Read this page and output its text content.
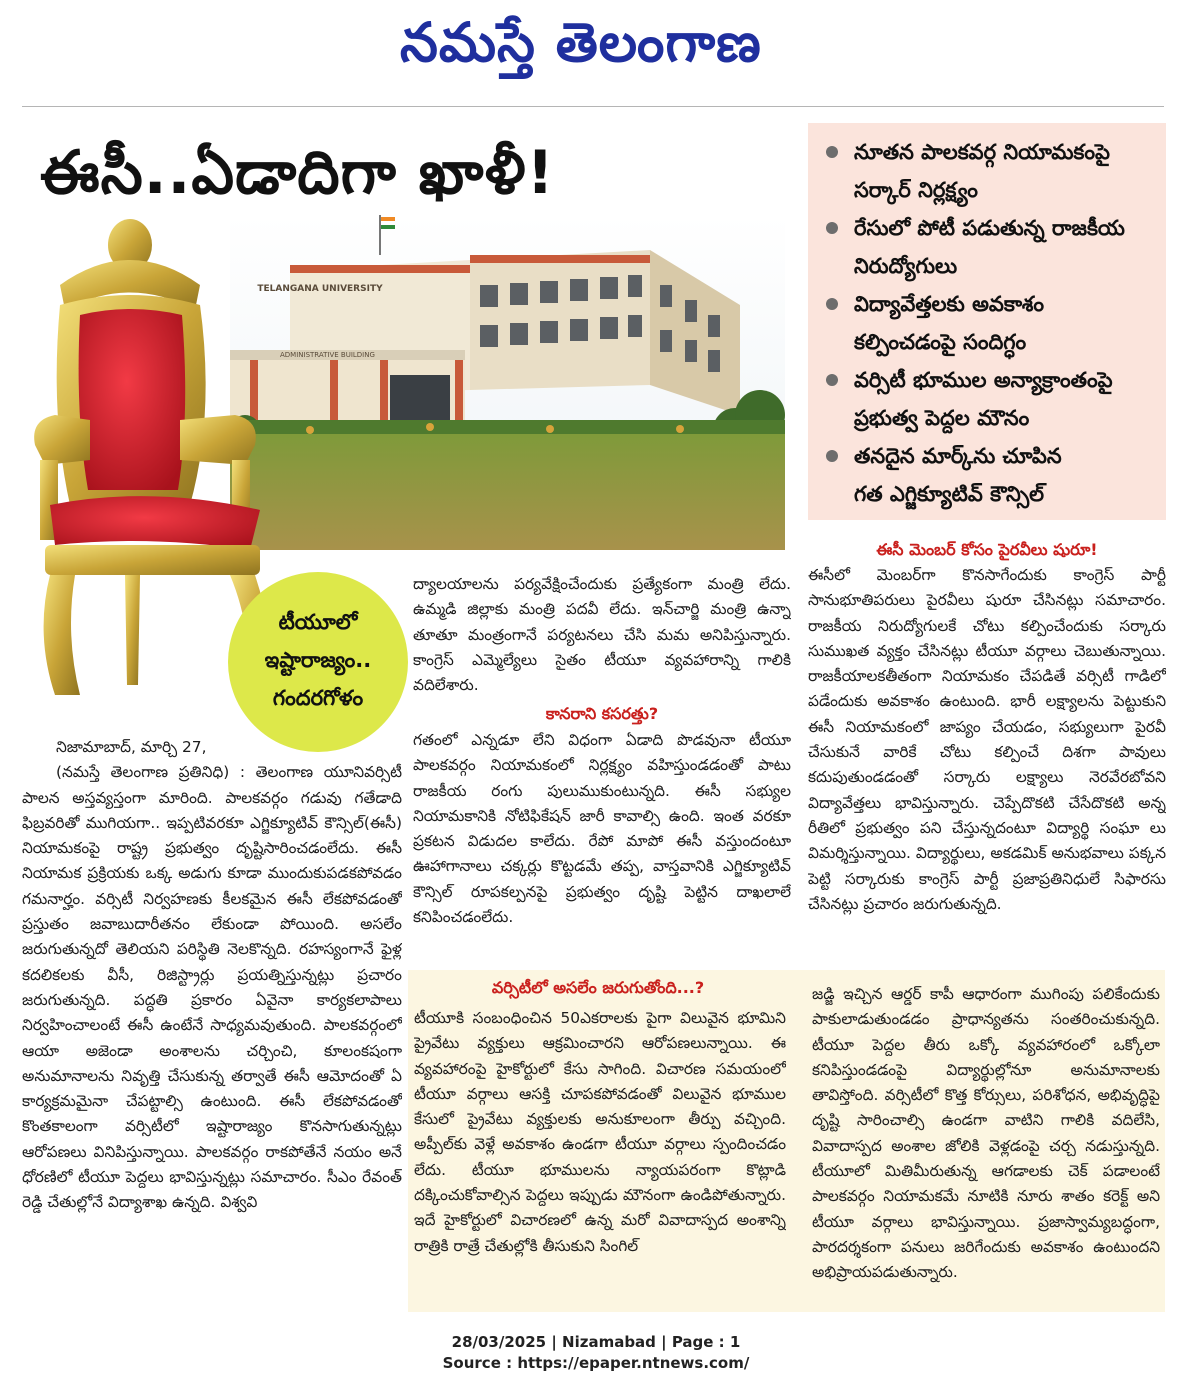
నమస్తే తెలంగాణ
ఈసీ..ఏడాదిగా ఖాళీ!
TELANGANA UNIVERSITY
ADMINISTRATIVE BUILDING
నూతన పాలకవర్గ నియామకంపై
సర్కార్ నిర్లక్ష్యం
రేసులో పోటీ పడుతున్న రాజకీయ
నిరుద్యోగులు
విద్యావేత్తలకు అవకాశం
కల్పించడంపై సందిగ్ధం
వర్సిటీ భూముల అన్యాక్రాంతంపై
ప్రభుత్వ పెద్దల మౌనం
తనదైన మార్క్‌ను చూపిన
గత ఎగ్జిక్యూటివ్ కౌన్సిల్
టీయూలో
ఇష్టారాజ్యం..
గందరగోళం

నిజామాబాద్, మార్చి 27,

(నమస్తే తెలంగాణ ప్రతినిధి) : తెలంగాణ యూనివర్సిటీ పాలన అస్తవ్యస్తంగా మారింది. పాలకవర్గం గడువు గతేడాది ఫిబ్రవరితో ముగియగా.. ఇప్పటివరకూ ఎగ్జిక్యూటివ్ కౌన్సిల్(ఈసీ) నియామకంపై రాష్ట్ర ప్రభుత్వం దృష్టిసారించడంలేదు. ఈసీ నియామక ప్రక్రియకు ఒక్క అడుగు కూడా ముందుకుపడకపోవడం గమనార్హం. వర్సిటీ నిర్వహణకు కీలకమైన ఈసీ లేకపోవడంతో ప్రస్తుతం జవాబుదారీతనం లేకుండా పోయింది. అసలేం జరుగుతున్నదో తెలియని పరిస్థితి నెలకొన్నది. రహస్యంగానే ఫైళ్ల కదలికలకు వీసీ, రిజిస్ట్రార్లు ప్రయత్నిస్తున్నట్లు ప్రచారం జరుగుతున్నది. పద్ధతి ప్రకారం ఏవైనా కార్యకలాపాలు నిర్వహించాలంటే ఈసీ ఉంటేనే సాధ్యమవుతుంది. పాలకవర్గంలో ఆయా అజెండా అంశాలను చర్చించి, కూలంకషంగా అనుమానాలను నివృత్తి చేసుకున్న తర్వాతే ఈసీ ఆమోదంతో ఏ కార్యక్రమమైనా చేపట్టాల్సి ఉంటుంది. ఈసీ లేకపోవడంతో కొంతకాలంగా వర్సిటీలో ఇష్టారాజ్యం కొనసాగుతున్నట్లు ఆరోపణలు వినిపిస్తున్నాయి. పాలకవర్గం రాకపోతేనే నయం అనే ధోరణిలో టీయూ పెద్దలు భావిస్తున్నట్లు సమాచారం. సీఎం రేవంత్ రెడ్డి చేతుల్లోనే విద్యాశాఖ ఉన్నది. విశ్వవి

ద్యాలయాలను పర్యవేక్షించేందుకు ప్రత్యేకంగా మంత్రి లేదు. ఉమ్మడి జిల్లాకు మంత్రి పదవీ లేదు. ఇన్‌చార్జి మంత్రి ఉన్నా తూతూ మంత్రంగానే పర్యటనలు చేసి మమ అనిపిస్తున్నారు. కాంగ్రెస్ ఎమ్మెల్యేలు సైతం టీయూ వ్యవహారాన్ని గాలికి వదిలేశారు.

కానరాని కసరత్తు?

గతంలో ఎన్నడూ లేని విధంగా ఏడాది పొడవునా టీయూ పాలకవర్గం నియామకంలో నిర్లక్ష్యం వహిస్తుండడంతో పాటు రాజకీయ రంగు పులుముకుంటున్నది. ఈసీ సభ్యుల నియామకానికి నోటిఫికేషన్ జారీ కావాల్సి ఉంది. ఇంత వరకూ ప్రకటన విడుదల కాలేదు. రేపో మాపో ఈసీ వస్తుందంటూ ఊహాగానాలు చక్కర్లు కొట్టడమే తప్ప, వాస్తవానికి ఎగ్జిక్యూటివ్ కౌన్సిల్ రూపకల్పనపై ప్రభుత్వం దృష్టి పెట్టిన దాఖలాలే కనిపించడంలేదు.

ఈసీ మెంబర్ కోసం పైరవీలు షురూ!

ఈసీలో మెంబర్‌గా కొనసాగేందుకు కాంగ్రెస్ పార్టీ సానుభూతిపరులు పైరవీలు షురూ చేసినట్లు సమాచారం. రాజకీయ నిరుద్యోగులకే చోటు కల్పించేందుకు సర్కారు సుముఖత వ్యక్తం చేసినట్లు టీయూ వర్గాలు చెబుతున్నాయి. రాజకీయాలకతీతంగా నియామకం చేపడితే వర్సిటీ గాడిలో పడేందుకు అవకాశం ఉంటుంది. భారీ లక్ష్యాలను పెట్టుకుని ఈసీ నియామకంలో జాప్యం చేయడం, సభ్యులుగా పైరవీ చేసుకునే వారికే చోటు కల్పించే దిశగా పావులు కదుపుతుండడంతో సర్కారు లక్ష్యాలు నెరవేరబోవని విద్యావేత్తలు భావిస్తున్నారు. చెప్పేదొకటి చేసేదొకటి అన్న రీతిలో ప్రభుత్వం పని చేస్తున్నదంటూ విద్యార్థి సంఘా లు విమర్శిస్తున్నాయి. విద్యార్థులు, అకడమిక్ అనుభవాలు పక్కన పెట్టి సర్కారుకు కాంగ్రెస్ పార్టీ ప్రజాప్రతినిధులే సిఫారసు చేసినట్లు ప్రచారం జరుగుతున్నది.

వర్సిటీలో అసలేం జరుగుతోంది...?

టీయూకి సంబంధించిన 50ఎకరాలకు పైగా విలువైన భూమిని ప్రైవేటు వ్యక్తులు ఆక్రమించారని ఆరోపణలున్నాయి. ఈ వ్యవహారంపై హైకోర్టులో కేసు సాగింది. విచారణ సమయంలో టీయూ వర్గాలు ఆసక్తి చూపకపోవడంతో విలువైన భూముల కేసులో ప్రైవేటు వ్యక్తులకు అనుకూలంగా తీర్పు వచ్చింది. అప్పీల్‌కు వెళ్లే అవకాశం ఉండగా టీయూ వర్గాలు స్పందించడం లేదు. టీయూ భూములను న్యాయపరంగా కొట్లాడి దక్కించుకోవాల్సిన పెద్దలు ఇప్పుడు మౌనంగా ఉండిపోతున్నారు. ఇదే హైకోర్టులో విచారణలో ఉన్న మరో వివాదాస్పద అంశాన్ని రాత్రికి రాత్రే చేతుల్లోకి తీసుకుని సింగిల్

జడ్జి ఇచ్చిన ఆర్డర్ కాపీ ఆధారంగా ముగింపు పలికేందుకు పాకులాడుతుండడం ప్రాధాన్యతను సంతరించుకున్నది. టీయూ పెద్దల తీరు ఒక్కో వ్యవహారంలో ఒక్కోలా కనిపిస్తుండడంపై విద్యార్థుల్లోనూ అనుమానాలకు తావిస్తోంది. వర్సిటీలో కొత్త కోర్సులు, పరిశోధన, అభివృద్ధిపై దృష్టి సారించాల్సి ఉండగా వాటిని గాలికి వదిలేసి, వివాదాస్పద అంశాల జోలికి వెళ్లడంపై చర్చ నడుస్తున్నది. టీయూలో మితిమీరుతున్న ఆగడాలకు చెక్ పడాలంటే పాలకవర్గం నియామకమే నూటికి నూరు శాతం కరెక్ట్ అని టీయూ వర్గాలు భావిస్తున్నాయి. ప్రజాస్వామ్యబద్ధంగా, పారదర్శకంగా పనులు జరిగేందుకు అవకాశం ఉంటుందని అభిప్రాయపడుతున్నారు.

28/03/2025 | Nizamabad | Page : 1
Source : https://epaper.ntnews.com/
